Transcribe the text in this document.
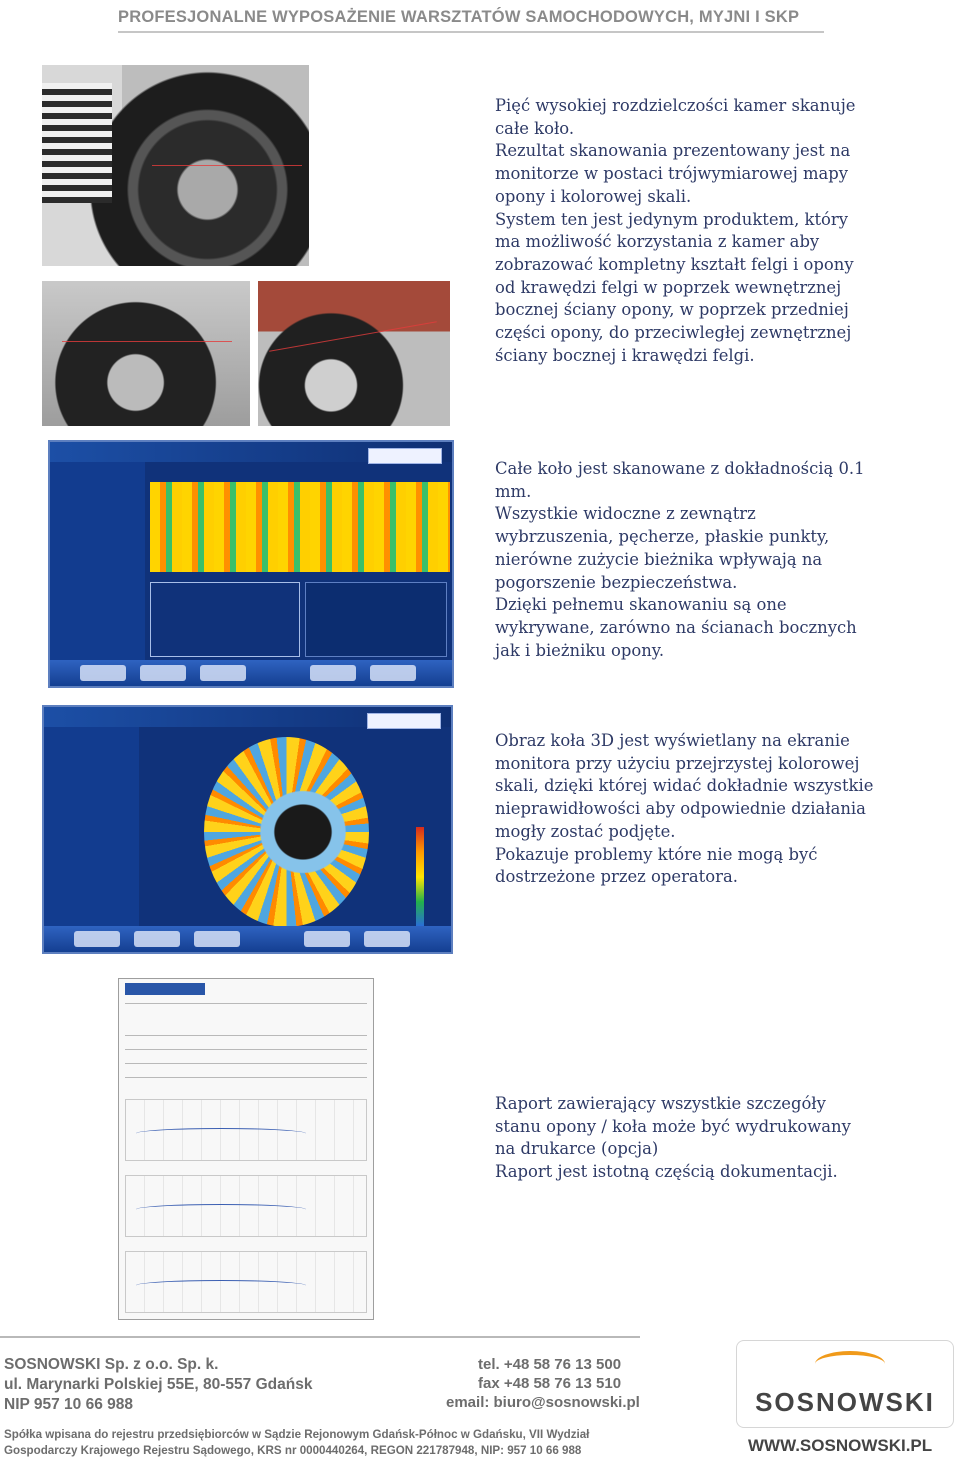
PROFESJONALNE WYPOSAŻENIE WARSZTATÓW SAMOCHODOWYCH, MYJNI I SKP

Pięć wysokiej rozdzielczości kamer skanuje całe koło.

Rezultat skanowania prezentowany jest na monitorze w postaci trójwymiarowej mapy opony i kolorowej skali.

System ten jest jedynym produktem, który ma możliwość korzystania z kamer aby zobrazować kompletny kształt felgi i opony od krawędzi felgi w poprzek wewnętrznej bocznej ściany opony, w poprzek przedniej części opony, do przeciwległej zewnętrznej ściany bocznej i krawędzi felgi.

Całe koło jest skanowane z dokładnością 0.1 mm.

Wszystkie widoczne z zewnątrz wybrzuszenia, pęcherze, płaskie punkty, nierówne zużycie bieżnika wpływają na pogorszenie bezpieczeństwa.

Dzięki pełnemu skanowaniu są one wykrywane, zarówno na ścianach bocznych jak i bieżniku opony.

Obraz koła 3D jest wyświetlany na ekranie monitora przy użyciu przejrzystej kolorowej skali, dzięki której widać dokładnie wszystkie nieprawidłowości aby odpowiednie działania mogły zostać podjęte.

Pokazuje problemy które nie mogą być dostrzeżone przez operatora.

Raport zawierający wszystkie szczegóły stanu opony / koła może być wydrukowany na drukarce (opcja)

Raport jest istotną częścią dokumentacji.

SOSNOWSKI Sp. z o.o. Sp. k.
ul. Marynarki Polskiej 55E, 80-557 Gdańsk
NIP 957 10 66 988
tel. +48 58 76 13 500
fax +48 58 76 13 510
email: biuro@sosnowski.pl
Spółka wpisana do rejestru przedsiębiorców w Sądzie Rejonowym Gdańsk-Północ w Gdańsku, VII Wydział
Gospodarczy Krajowego Rejestru Sądowego, KRS nr 0000440264, REGON 221787948, NIP: 957 10 66 988
SOSNOWSKI
WWW.SOSNOWSKI.PL
